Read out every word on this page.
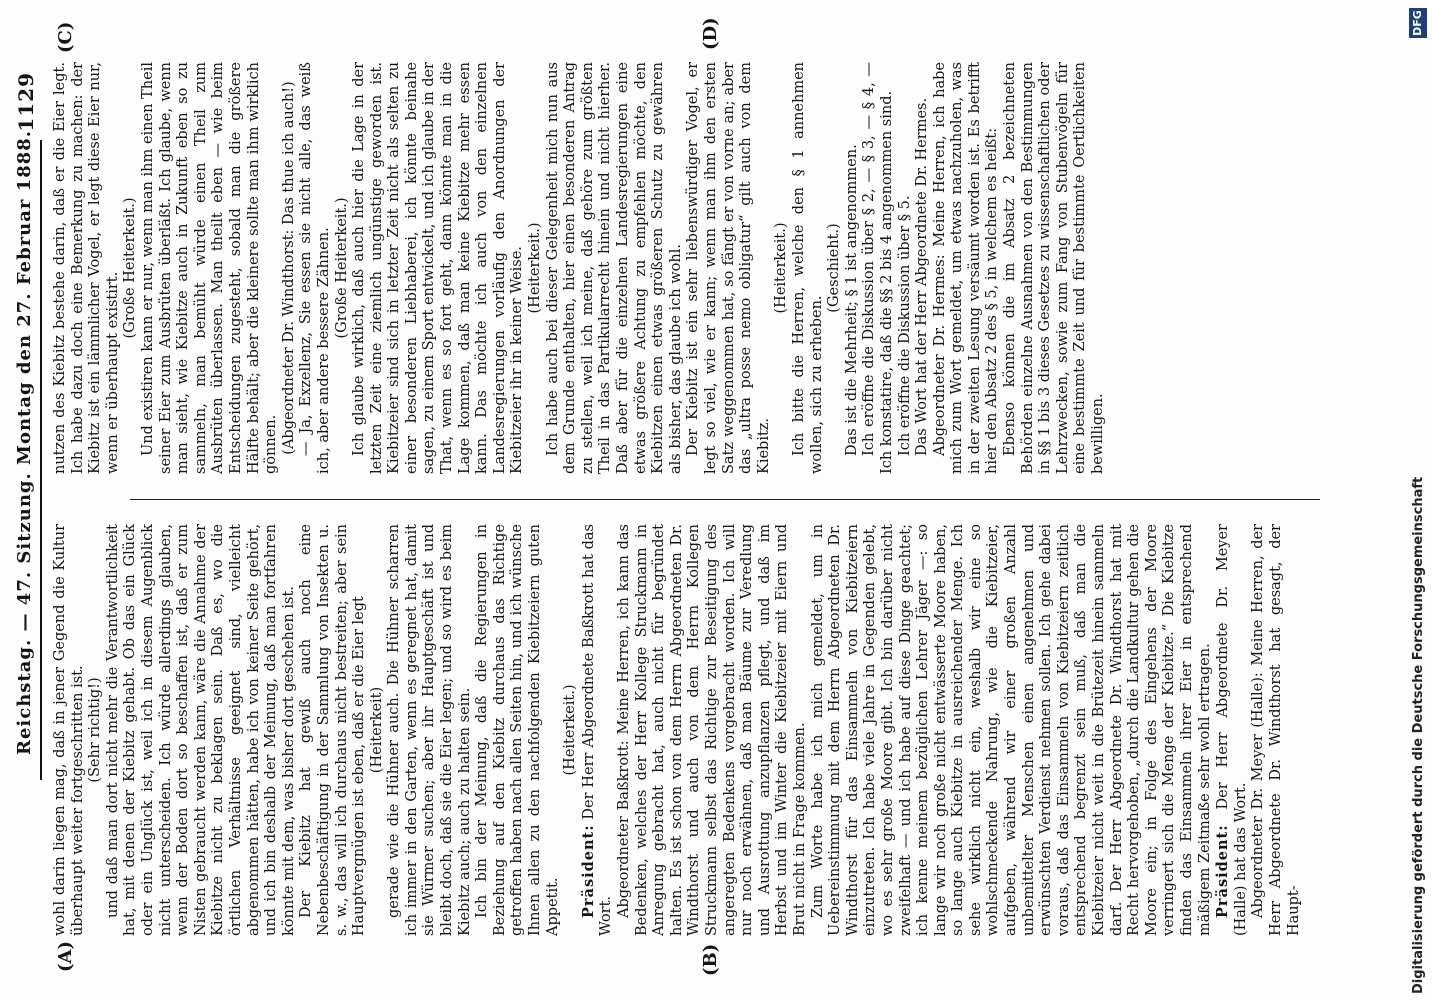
Reichstag. — 47. Sitzung. Montag den 27. Februar 1888.
1129
(A)
(C)
(B)
(D)

wohl darin liegen mag, daß in jener Gegend die Kultur überhaupt weiter fortgeschritten ist. (Sehr richtig!) und daß man dort nicht mehr die Verantwortlichkeit hat, mit denen der Kiebitz gehabt. Ob das ein Glück oder ein Unglück ist, weil ich in diesem Augenblick nicht unterscheiden. Ich würde allerdings glauben, wenn der Boden dort so beschaffen ist, daß er zum Nisten gebraucht werden kann, wäre die Annahme der Kiebitze nicht zu beklagen sein. Daß es, wo die örtlichen Verhältnisse geeignet sind, vielleicht abgenommen hätten, habe ich von keiner Seite gehört, und ich bin deshalb der Meinung, daß man fortfahren könnte mit dem, was bisher dort geschehen ist. Der Kiebitz hat gewiß auch noch eine Nebenbeschäftigung in der Sammlung von Insekten u. s. w., das will ich durchaus nicht bestreiten; aber sein Hauptvergnügen ist eben, daß er die Eier legt (Heiterkeit) gerade wie die Hühner auch. Die Hühner scharren ich immer in den Garten, wenn es geregnet hat, damit sie Würmer suchen; aber ihr Hauptgeschäft ist und bleibt doch, daß sie die Eier legen; und so wird es beim Kiebitz auch; auch zu halten sein. Ich bin der Meinung, daß die Regierungen in Beziehung auf den Kiebitz durchaus das Richtige getroffen haben nach allen Seiten hin, und ich wünsche Ihnen allen zu den nachfolgenden Kiebitzeiern guten Appetit.

(Heiterkeit.)

Präsident: Der Herr Abgeordnete Baßkrott hat das Wort. Abgeordneter Baßkrott: Meine Herren, ich kann das Bedenken, welches der Herr Kollege Struckmann in Anregung gebracht hat, auch nicht für begründet halten. Es ist schon von dem Herrn Abgeordneten Dr. Windthorst und auch von dem Herrn Kollegen Struckmann selbst das Richtige zur Beseitigung des angeregten Bedenkens vorgebracht worden. Ich will nur noch erwähnen, daß man Bäume zur Veredlung und Ausrottung anzupflanzen pflegt, und daß im Herbst und im Winter die Kiebitzeier mit Eiern und Brut nicht in Frage kommen. Zum Worte habe ich mich gemeldet, um in Uebereinstimmung mit dem Herrn Abgeordneten Dr. Windthorst für das Einsammeln von Kiebitzeiern einzutreten. Ich habe viele Jahre in Gegenden gelebt, wo es sehr große Moore gibt. Ich bin darüber nicht zweifelhaft — und ich habe auf diese Dinge geachtet; ich kenne meinem bezüglichen Lehrer Jäger —: so lange wir noch große nicht entwässerte Moore haben, so lange auch Kiebitze in ausreichender Menge. Ich sehe wirklich nicht ein, weshalb wir eine so wohlschmeckende Nahrung, wie die Kiebitzeier, aufgeben, während wir einer großen Anzahl unbemittelter Menschen einen angenehmen und erwünschten Verdienst nehmen sollen. Ich gehe dabei voraus, daß das Einsammeln von Kiebitzeiern zeitlich entsprechend begrenzt sein muß, daß man die Kiebitzeier nicht weit in die Brütezeit hinein sammeln darf. Der Herr Abgeordnete Dr. Windthorst hat mit Recht hervorgehoben, „durch die Landkultur gehen die Moore ein; in Folge des Eingehens der Moore verringert sich die Menge der Kiebitze.“ Die Kiebitze finden das Einsammeln ihrer Eier in entsprechend mäßigem Zeitmaße sehr wohl ertragen. Präsident: Der Herr Abgeordnete Dr. Meyer (Halle) hat das Wort. Abgeordneter Dr. Meyer (Halle): Meine Herren, der Herr Abgeordnete Dr. Windthorst hat gesagt, der Haupt-

nutzen des Kiebitz bestehe darin, daß er die Eier legt. Ich habe dazu doch eine Bemerkung zu machen: der Kiebitz ist ein lämmlicher Vogel, er legt diese Eier nur, wenn er überhaupt existirt.

(Große Heiterkeit.) Und existiren kann er nur, wenn man ihm einen Theil seiner Eier zum Ausbrüten überläßt. Ich glaube, wenn man sieht, wie Kiebitze auch in Zukunft eben so zu sammeln, man bemüht würde einen Theil zum Ausbrüten überlassen. Man theilt eben — wie beim Entscheidungen zugesteht, sobald man die größere Hälfte behält; aber die kleinere sollte man ihm wirklich gönnen. (Abgeordneter Dr. Windthorst: Das thue ich auch!) — Ja, Exzellenz, Sie essen sie nicht alle, das weiß ich, aber andere bessere Zähnen. (Große Heiterkeit.) Ich glaube wirklich, daß auch hier die Lage in der letzten Zeit eine ziemlich ungünstige geworden ist. Kiebitzeier sind sich in letzter Zeit nicht als selten zu einer besonderen Liebhaberei, ich könnte beinahe sagen, zu einem Sport entwickelt, und ich glaube in der That, wenn es so fort geht, dann könnte man in die Lage kommen, daß man keine Kiebitze mehr essen kann. Das möchte ich auch von den einzelnen Landesregierungen vorläufig den Anordnungen der Kiebitzeier ihr in keiner Weise. (Heiterkeit.) Ich habe auch bei dieser Gelegenheit mich nun aus dem Grunde enthalten, hier einen besonderen Antrag zu stellen, weil ich meine, daß gehöre zum größten Theil in das Partikularrecht hinein und nicht hierher. Daß aber für die einzelnen Landesregierungen eine etwas größere Achtung zu empfehlen möchte, den Kiebitzen einen etwas größeren Schutz zu gewähren als bisher, das glaube ich wohl. Der Kiebitz ist ein sehr liebenswürdiger Vogel, er legt so viel, wie er kann; wenn man ihm den ersten Satz weggenommen hat, so fängt er von vorne an; aber das „ultra posse nemo obligatur“ gilt auch von dem Kiebitz.

(Heiterkeit.) Ich bitte die Herren, welche den § 1 annehmen wollen, sich zu erheben.

(Geschieht.) Das ist die Mehrheit; § 1 ist angenommen. Ich eröffne die Diskussion über § 2, — § 3, — § 4, — Ich konstatire, daß die §§ 2 bis 4 angenommen sind. Ich eröffne die Diskussion über § 5. Das Wort hat der Herr Abgeordnete Dr. Hermes. Abgeordneter Dr. Hermes: Meine Herren, ich habe mich zum Wort gemeldet, um etwas nachzuholen, was in der zweiten Lesung versäumt worden ist. Es betrifft hier den Absatz 2 des § 5, in welchem es heißt: Ebenso können die im Absatz 2 bezeichneten Behörden einzelne Ausnahmen von den Bestimmungen in §§ 1 bis 3 dieses Gesetzes zu wissenschaftlichen oder Lehrzwecken, sowie zum Fang von Stubenvögeln für eine bestimmte Zeit und für bestimmte Oertlichkeiten bewilligen.

Digitalisierung gefördert durch die Deutsche Forschungsgemeinschaft
DFG
